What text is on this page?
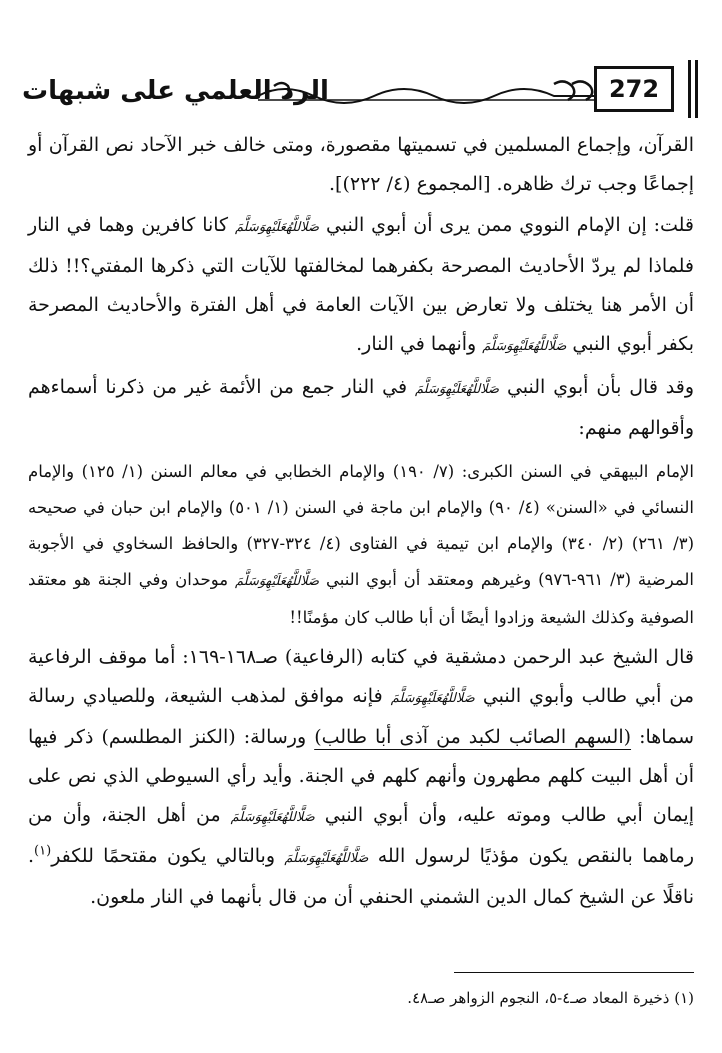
الرد العلمي على شبهات	272

القرآن، وإجماع المسلمين في تسميتها مقصورة، ومتى خالف خبر الآحاد نص القرآن أو إجماعًا وجب ترك ظاهره. [المجموع (٤/ ٢٢٢)].

قلت: إن الإمام النووي ممن يرى أن أبوي النبي صَلَّاللَّهُعَلَيْهِوَسَلَّمَ كانا كافرين وهما في النار فلماذا لم يردّ الأحاديث المصرحة بكفرهما لمخالفتها للآيات التي ذكرها المفتي؟!! ذلك أن الأمر هنا يختلف ولا تعارض بين الآيات العامة في أهل الفترة والأحاديث المصرحة بكفر أبوي النبي صَلَّاللَّهُعَلَيْهِوَسَلَّمَ وأنهما في النار.

وقد قال بأن أبوي النبي صَلَّاللَّهُعَلَيْهِوَسَلَّمَ في النار جمع من الأئمة غير من ذكرنا أسماءهم وأقوالهم منهم:

الإمام البيهقي في السنن الكبرى: (٧/ ١٩٠) والإمام الخطابي في معالم السنن (١/ ١٢٥) والإمام النسائي في «السنن» (٤/ ٩٠) والإمام ابن ماجة في السنن (١/ ٥٠١) والإمام ابن حبان في صحيحه (٣/ ٢٦١) (٢/ ٣٤٠) والإمام ابن تيمية في الفتاوى (٤/ ٣٢٤-٣٢٧) والحافظ السخاوي في الأجوبة المرضية (٣/ ٩٦١-٩٧٦) وغيرهم ومعتقد أن أبوي النبي صَلَّاللَّهُعَلَيْهِوَسَلَّمَ موحدان وفي الجنة هو معتقد الصوفية وكذلك الشيعة وزادوا أيضًا أن أبا طالب كان مؤمنًا!!

قال الشيخ عبد الرحمن دمشقية في كتابه (الرفاعية) صـ١٦٨-١٦٩: أما موقف الرفاعية من أبي طالب وأبوي النبي صَلَّاللَّهُعَلَيْهِوَسَلَّمَ فإنه موافق لمذهب الشيعة، وللصيادي رسالة سماها: (السهم الصائب لكبد من آذى أبا طالب) ورسالة: (الكنز المطلسم) ذكر فيها أن أهل البيت كلهم مطهرون وأنهم كلهم في الجنة. وأيد رأي السيوطي الذي نص على إيمان أبي طالب وموته عليه، وأن أبوي النبي صَلَّاللَّهُعَلَيْهِوَسَلَّمَ من أهل الجنة، وأن من رماهما بالنقص يكون مؤذيًا لرسول الله صَلَّاللَّهُعَلَيْهِوَسَلَّمَ وبالتالي يكون مقتحمًا للكفر$^{(١)}$. ناقلًا عن الشيخ كمال الدين الشمني الحنفي أن من قال بأنهما في النار ملعون.

(١) ذخيرة المعاد صـ٤-٥، النجوم الزواهر صـ٤٨.
